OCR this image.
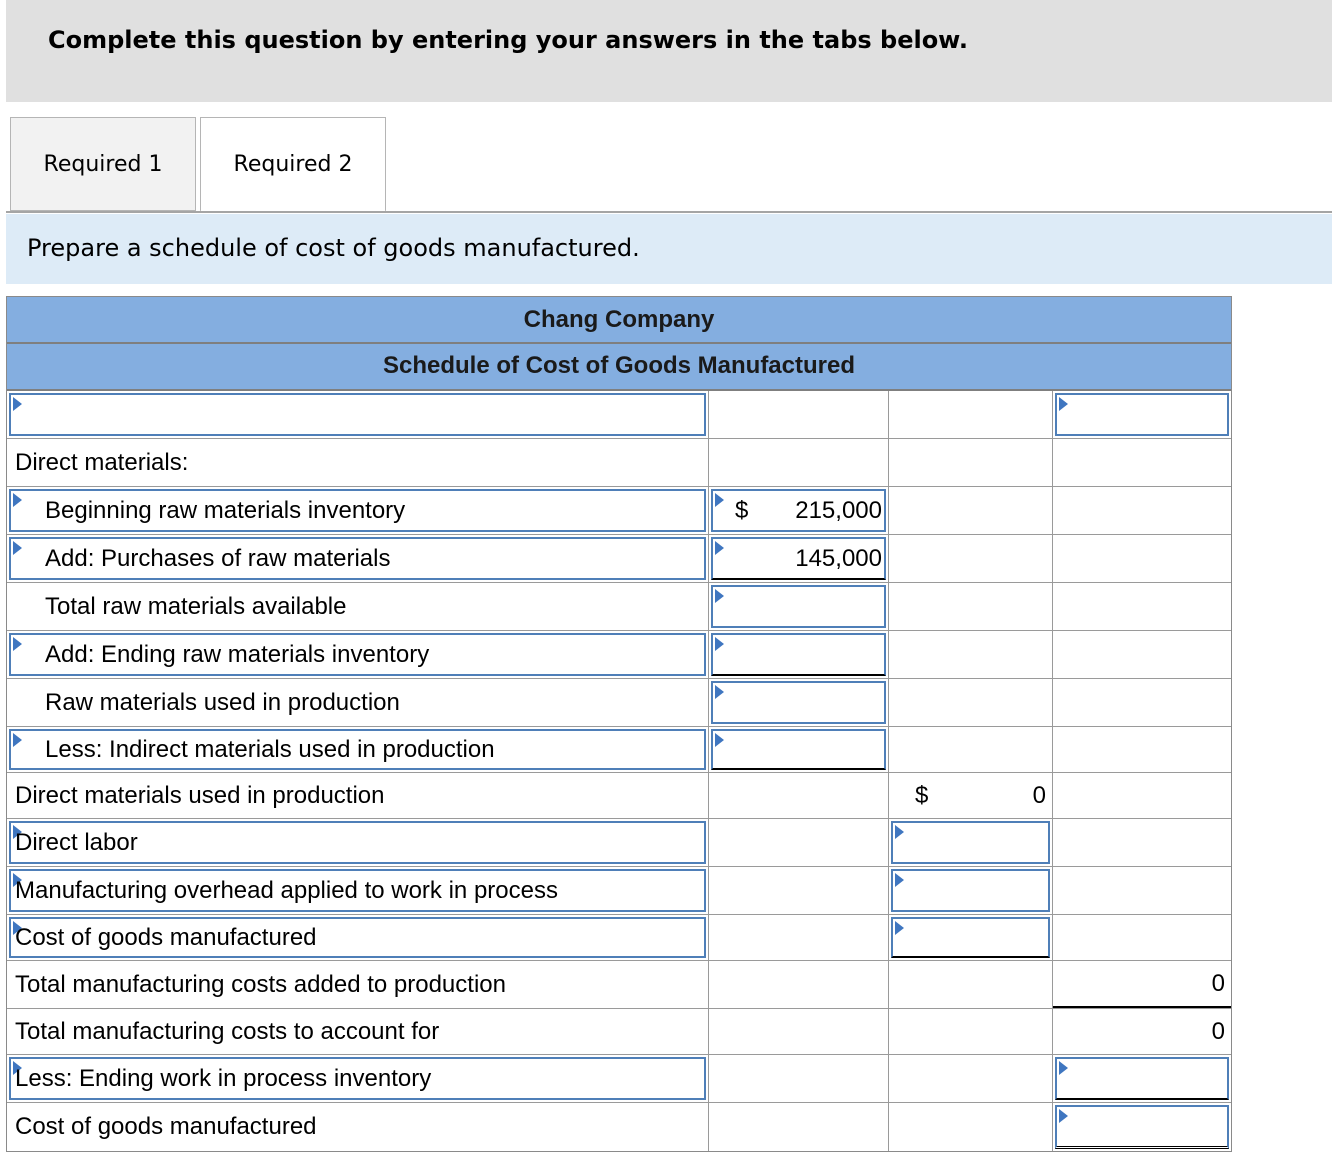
Complete this question by entering your answers in the tabs below.
Required 1	Required 2
Prepare a schedule of cost of goods manufactured.
Chang Company
Schedule of Cost of Goods Manufactured
Direct materials:
Beginning raw materials inventory	$ 215,000
Add: Purchases of raw materials	145,000
Total raw materials available
Add: Ending raw materials inventory
Raw materials used in production
Less: Indirect materials used in production
Direct materials used in production	$	0
Direct labor
Manufacturing overhead applied to work in process
Cost of goods manufactured
Total manufacturing costs added to production	0
Total manufacturing costs to account for	0
Less: Ending work in process inventory
Cost of goods manufactured
